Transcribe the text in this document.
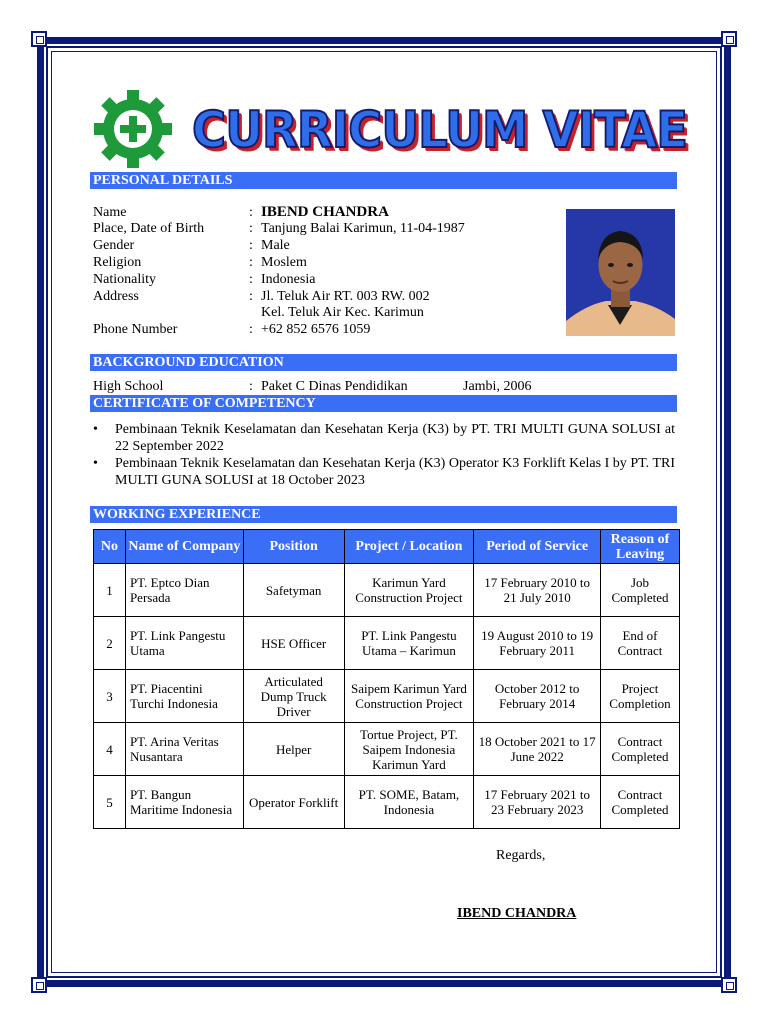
CURRICULUM VITAE
PERSONAL DETAILS
Name	: IBEND CHANDRA
Place, Date of Birth	: Tanjung Balai Karimun, 11-04-1987
Gender	: Male
Religion	: Moslem
Nationality	: Indonesia
Address	: Jl. Teluk Air RT. 003 RW. 002
Kel. Teluk Air Kec. Karimun
Phone Number	: +62 852 6576 1059
BACKGROUND EDUCATION
High School	: Paket C Dinas Pendidikan	Jambi, 2006
CERTIFICATE OF COMPETENCY
• Pembinaan Teknik Keselamatan dan Kesehatan Kerja (K3) by PT. TRI MULTI GUNA SOLUSI at 22 September 2022
• Pembinaan Teknik Keselamatan dan Kesehatan Kerja (K3) Operator K3 Forklift Kelas I by PT. TRI MULTI GUNA SOLUSI at 18 October 2023
WORKING EXPERIENCE
No	Name of Company	Position	Project / Location	Period of Service	Reason of Leaving
1	PT. Eptco Dian Persada	Safetyman	Karimun Yard Construction Project	17 February 2010 to 21 July 2010	Job Completed
2	PT. Link Pangestu Utama	HSE Officer	PT. Link Pangestu Utama – Karimun	19 August 2010 to 19 February 2011	End of Contract
3	PT. Piacentini Turchi Indonesia	Articulated Dump Truck Driver	Saipem Karimun Yard Construction Project	October 2012 to February 2014	Project Completion
4	PT. Arina Veritas Nusantara	Helper	Tortue Project, PT. Saipem Indonesia Karimun Yard	18 October 2021 to 17 June 2022	Contract Completed
5	PT. Bangun Maritime Indonesia	Operator Forklift	PT. SOME, Batam, Indonesia	17 February 2021 to 23 February 2023	Contract Completed
Regards,
IBEND CHANDRA
